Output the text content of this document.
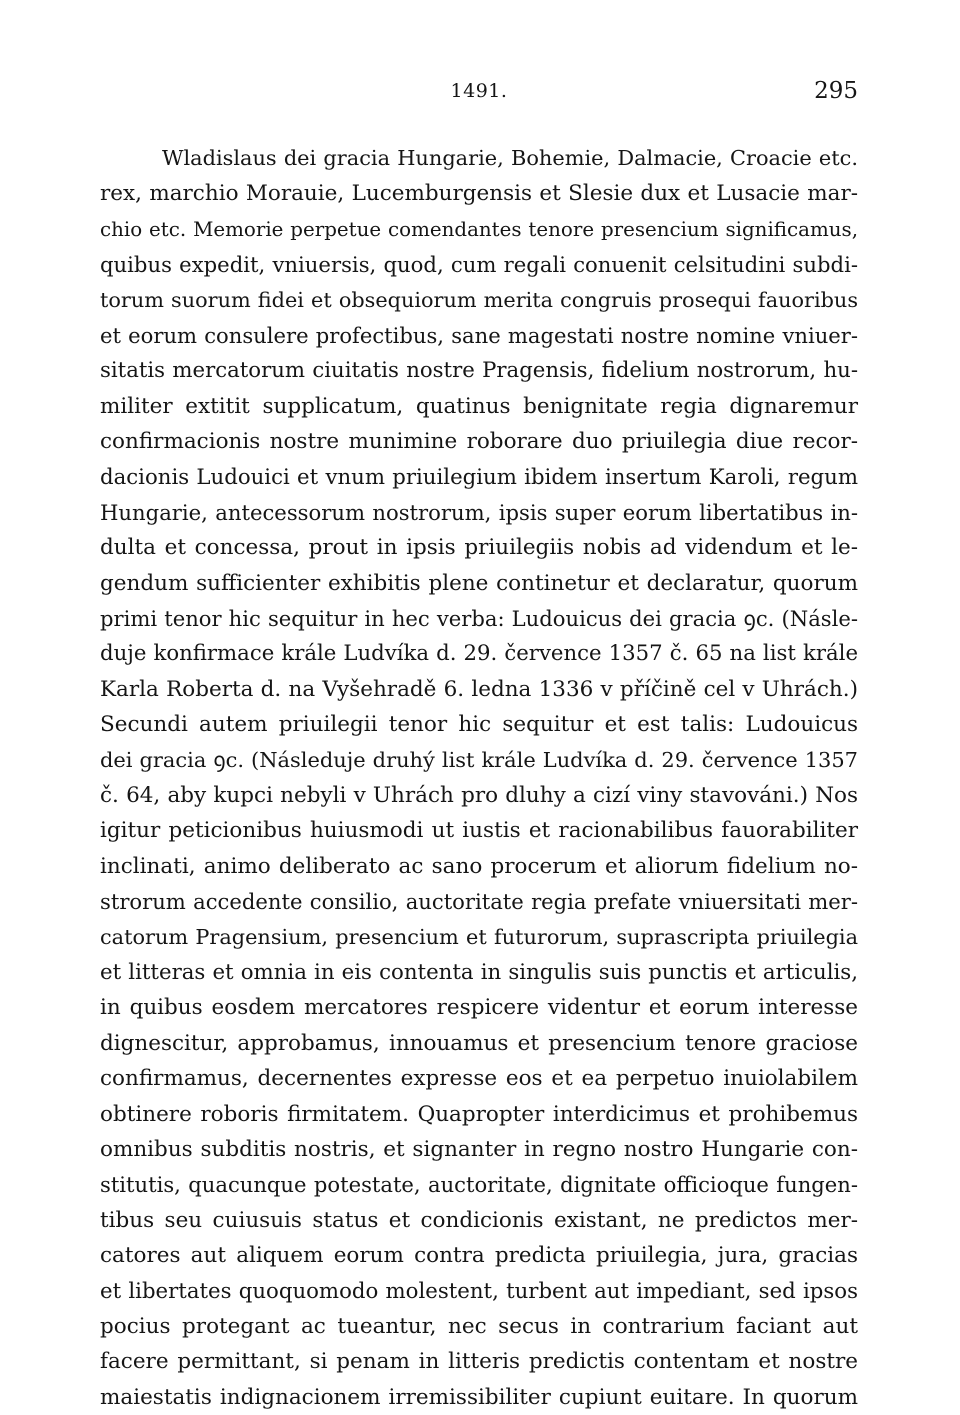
1491.	295
Wladislaus dei gracia Hungarie, Bohemie, Dalmacie, Croacie etc.
rex, marchio Morauie, Lucemburgensis et Slesie dux et Lusacie mar-
chio etc. Memorie perpetue comendantes tenore presencium significamus,
quibus expedit, vniuersis, quod, cum regali conuenit celsitudini subdi-
torum suorum fidei et obsequiorum merita congruis prosequi fauoribus
et eorum consulere profectibus, sane magestati nostre nomine vniuer-
sitatis mercatorum ciuitatis nostre Pragensis, fidelium nostrorum, hu-
militer extitit supplicatum, quatinus benignitate regia dignaremur
confirmacionis nostre munimine roborare duo priuilegia diue recor-
dacionis Ludouici et vnum priuilegium ibidem insertum Karoli, regum
Hungarie, antecessorum nostrorum, ipsis super eorum libertatibus in-
dulta et concessa, prout in ipsis priuilegiis nobis ad videndum et le-
gendum sufficienter exhibitis plene continetur et declaratur, quorum
primi tenor hic sequitur in hec verba: Ludouicus dei gracia ꝯc. (Násle-
duje konfirmace krále Ludvíka d. 29. července 1357 č. 65 na list krále
Karla Roberta d. na Vyšehradě 6. ledna 1336 v příčině cel v Uhrách.)
Secundi autem priuilegii tenor hic sequitur et est talis: Ludouicus
dei gracia ꝯc. (Následuje druhý list krále Ludvíka d. 29. července 1357
č. 64, aby kupci nebyli v Uhrách pro dluhy a cizí viny stavováni.) Nos
igitur peticionibus huiusmodi ut iustis et racionabilibus fauorabiliter
inclinati, animo deliberato ac sano procerum et aliorum fidelium no-
strorum accedente consilio, auctoritate regia prefate vniuersitati mer-
catorum Pragensium, presencium et futurorum, suprascripta priuilegia
et litteras et omnia in eis contenta in singulis suis punctis et articulis,
in quibus eosdem mercatores respicere videntur et eorum interesse
dignescitur, approbamus, innouamus et presencium tenore graciose
confirmamus, decernentes expresse eos et ea perpetuo inuiolabilem
obtinere roboris firmitatem. Quapropter interdicimus et prohibemus
omnibus subditis nostris, et signanter in regno nostro Hungarie con-
stitutis, quacunque potestate, auctoritate, dignitate officioque fungen-
tibus seu cuiusuis status et condicionis existant, ne predictos mer-
catores aut aliquem eorum contra predicta priuilegia, jura, gracias
et libertates quoquomodo molestent, turbent aut impediant, sed ipsos
pocius protegant ac tueantur, nec secus in contrarium faciant aut
facere permittant, si penam in litteris predictis contentam et nostre
maiestatis indignacionem irremissibiliter cupiunt euitare. In quorum
